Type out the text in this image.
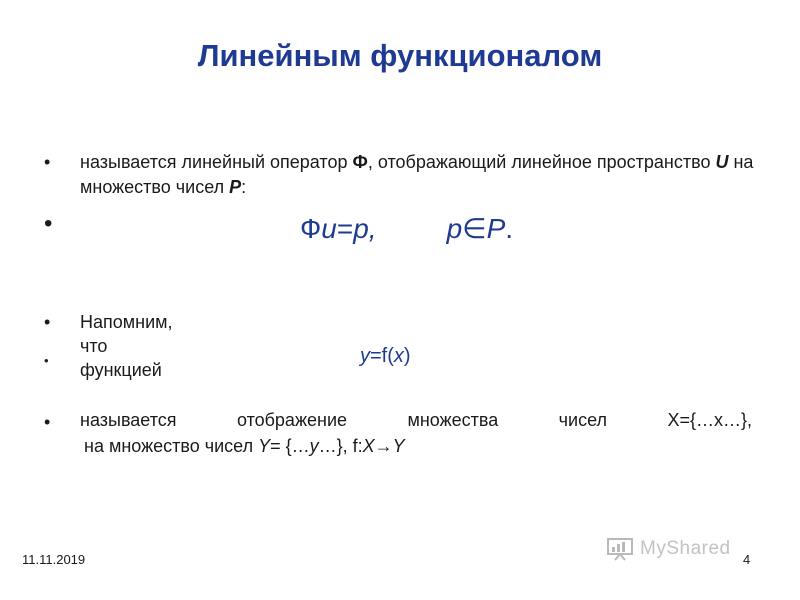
Линейным функционалом
• называется линейный оператор Ф, отображающий линейное пространство U на множество чисел P:
•	Фu=p,	p∈P.
• Напомним, что функцией
•	y=f(x)
• называется отображение множества чисел X={…x…},
на множество чисел Y= {…y…}, f:X→Y
11.11.2019	4
MyShared
